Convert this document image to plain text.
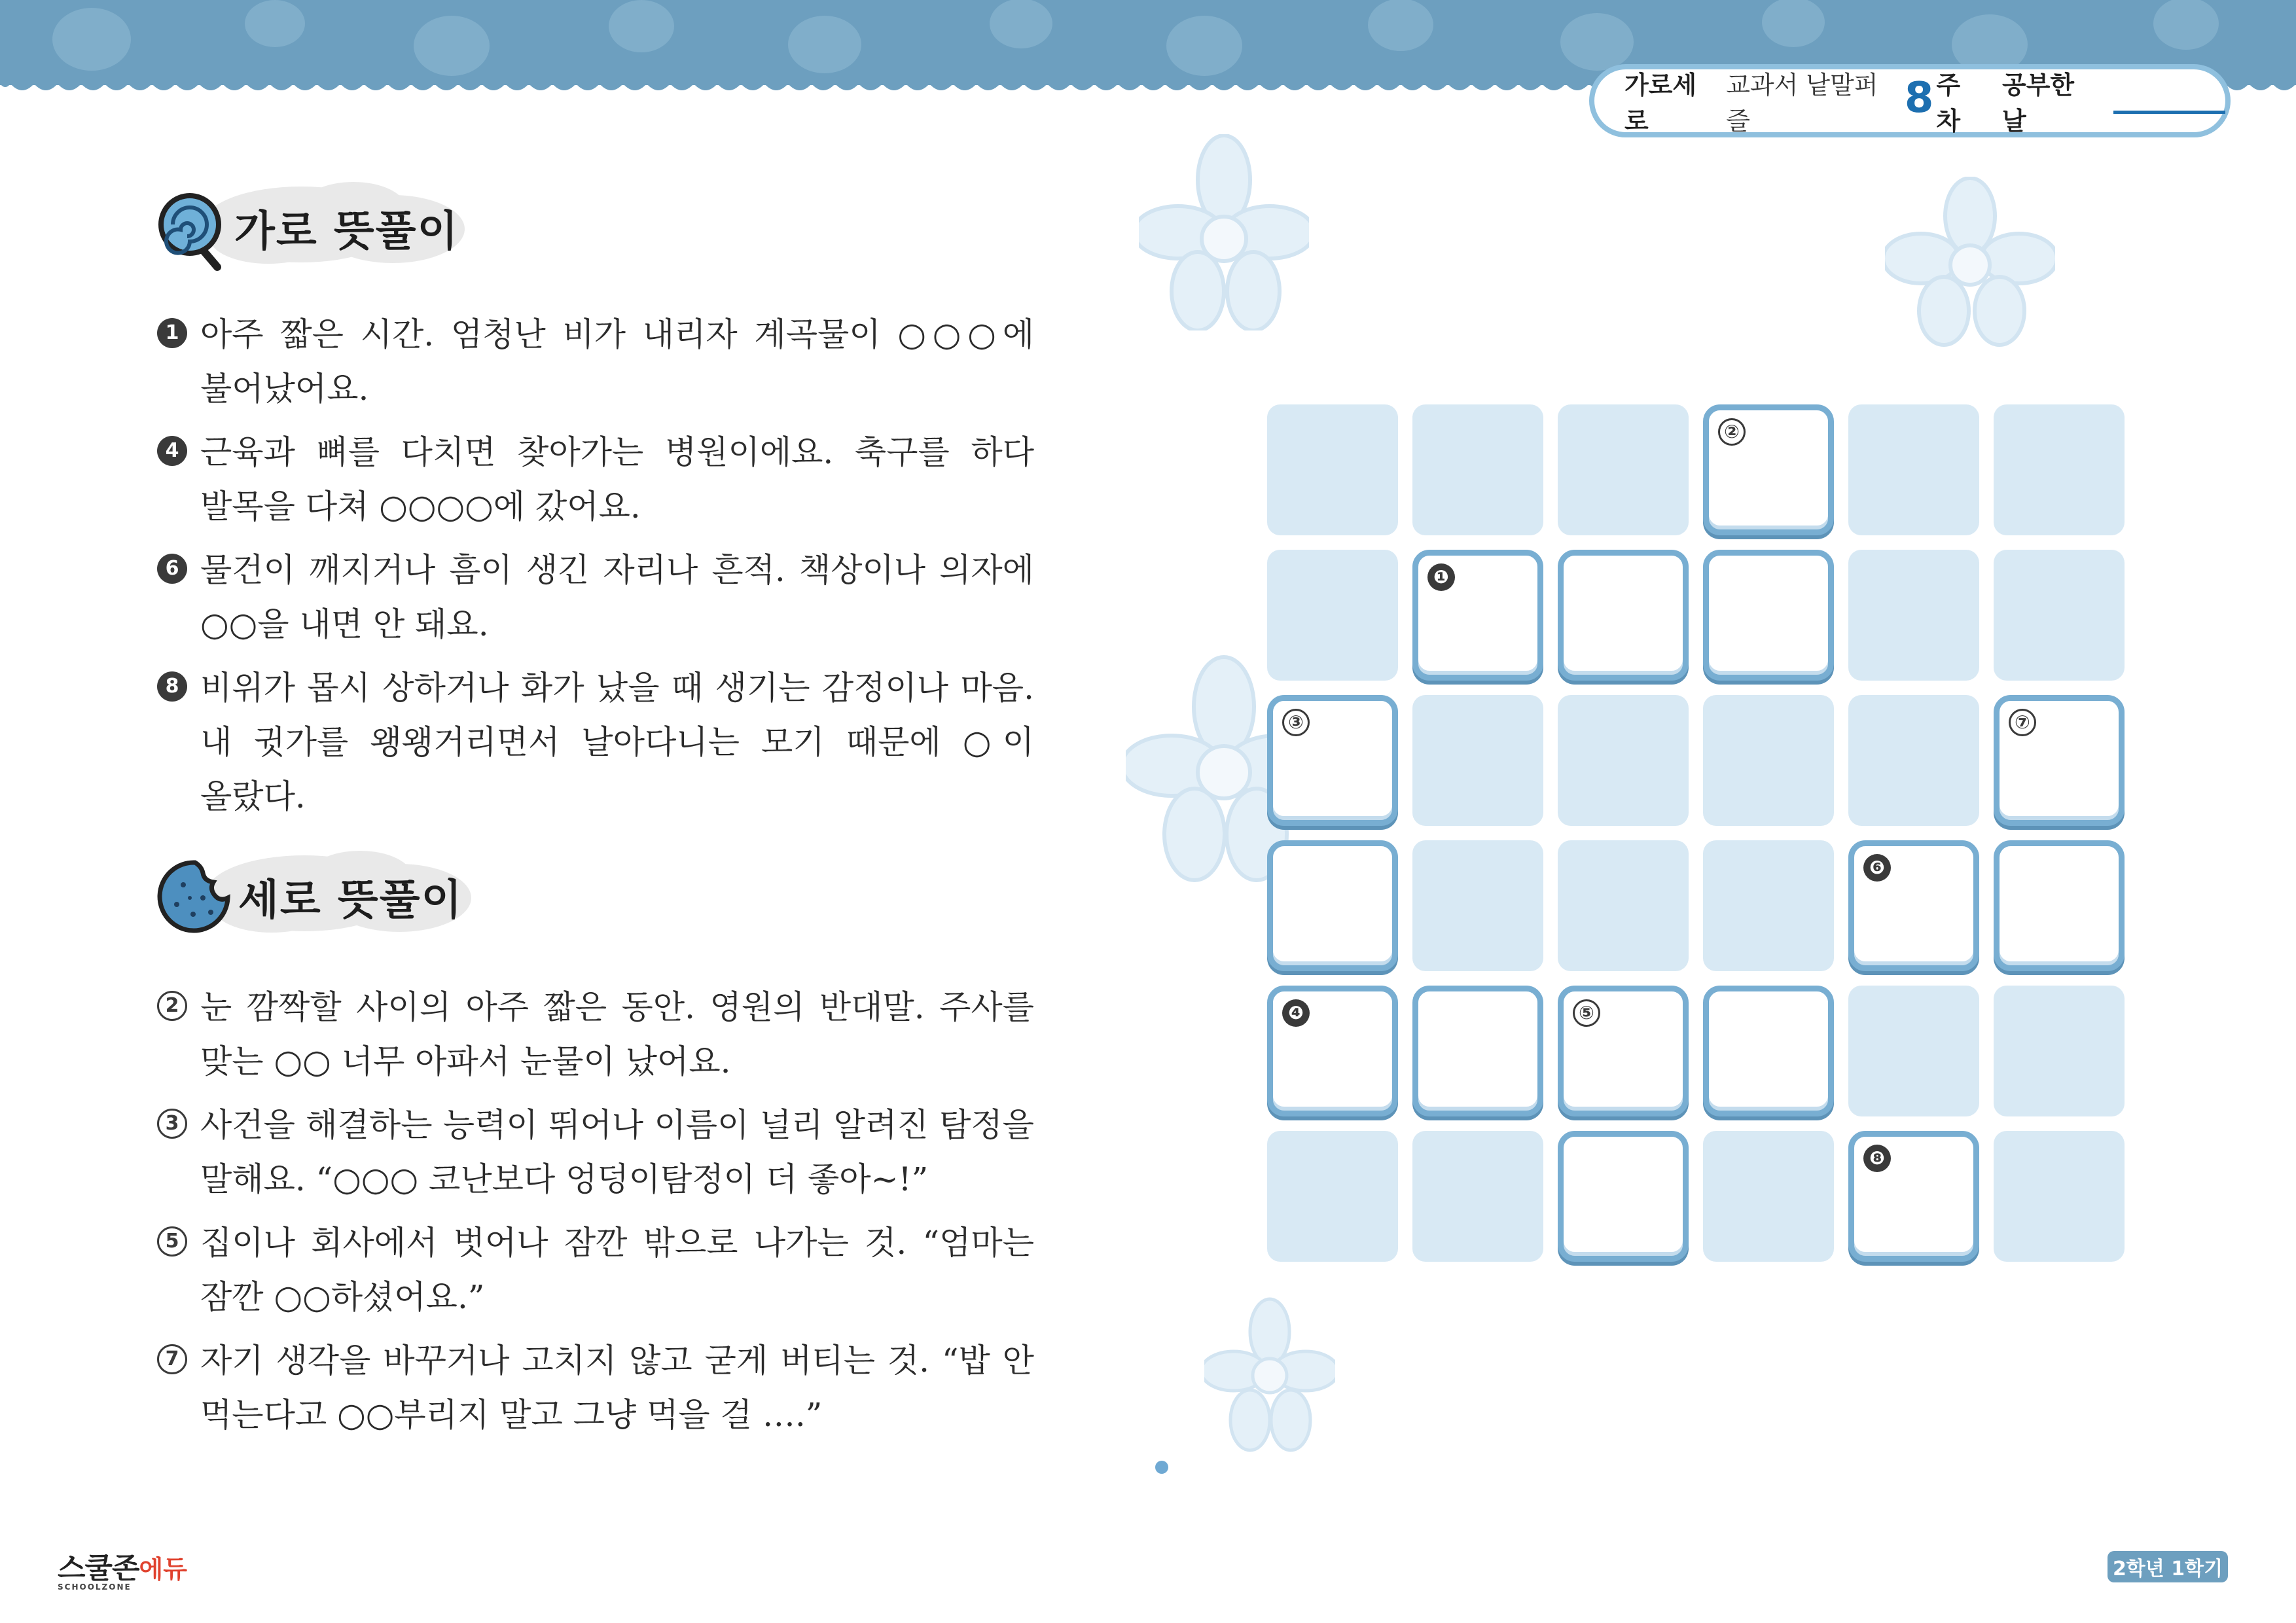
가로세로
교과서 낱말퍼즐	8 주차
공부한 날
가로 뜻풀이
1 아주 짧은 시간. 엄청난 비가 내리자 계곡물이 ○○○에 불어났어요.
4 근육과 뼈를 다치면 찾아가는 병원이에요. 축구를 하다 발목을 다쳐 ○○○○에 갔어요.
6 물건이 깨지거나 흠이 생긴 자리나 흔적. 책상이나 의자에 ○○을 내면 안 돼요.
8 비위가 몹시 상하거나 화가 났을 때 생기는 감정이나 마음. 내 귓가를 왱왱거리면서 날아다니는 모기 때문에 ○이 올랐다.
세로 뜻풀이
2 눈 깜짝할 사이의 아주 짧은 동안. 영원의 반대말. 주사를 맞는 ○○ 너무 아파서 눈물이 났어요.
3 사건을 해결하는 능력이 뛰어나 이름이 널리 알려진 탐정을 말해요. “○○○ 코난보다 엉덩이탐정이 더 좋아~!”
5 집이나 회사에서 벗어나 잠깐 밖으로 나가는 것. “엄마는 잠깐 ○○하셨어요.”
7 자기 생각을 바꾸거나 고치지 않고 굳게 버티는 것. “밥 안 먹는다고 ○○부리지 말고 그냥 먹을 걸 ….”
②
❶
③	⑦
❻
❹	⑤
❽
스쿨존에듀
SCHOOLZONE
2학년 1학기
